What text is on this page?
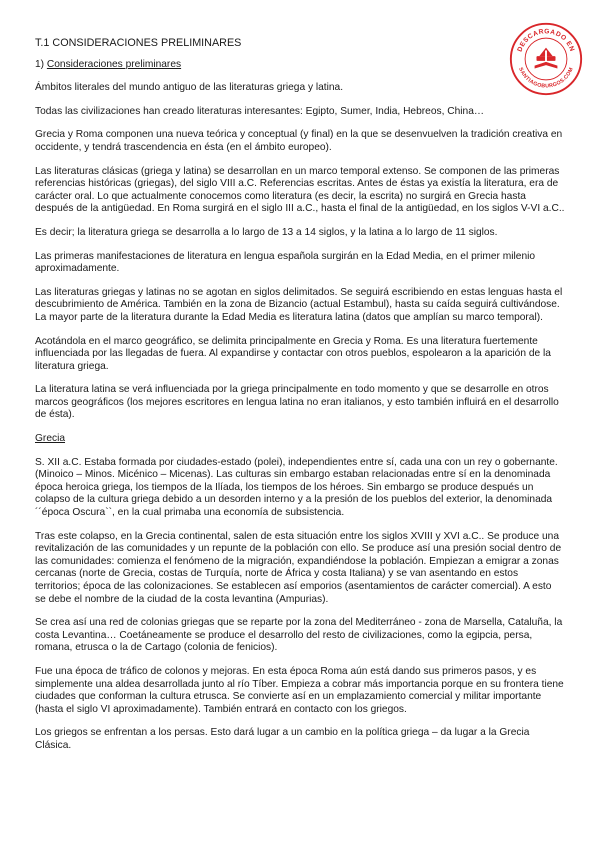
T.1 CONSIDERACIONES PRELIMINARES

1) Consideraciones preliminares

Ámbitos literales del mundo antiguo de las literaturas griega y latina.

Todas las civilizaciones han creado literaturas interesantes: Egipto, Sumer, India, Hebreos, China…

Grecia y Roma componen una nueva teórica y conceptual (y final) en la que se desenvuelven la tradición creativa en occidente, y tendrá trascendencia en ésta (en el ámbito europeo).

Las literaturas clásicas (griega y latina) se desarrollan en un marco temporal extenso. Se componen de las primeras referencias históricas (griegas), del siglo VIII a.C. Referencias escritas. Antes de éstas ya existía la literatura, era de carácter oral. Lo que actualmente conocemos como literatura (es decir, la escrita) no surgirá en Grecia hasta después de la antigüedad. En Roma surgirá en el siglo III a.C., hasta el final de la antigüedad, en los siglos V-VI a.C..

Es decir; la literatura griega se desarrolla a lo largo de 13 a 14 siglos, y la latina a lo largo de 11 siglos.

Las primeras manifestaciones de literatura en lengua española surgirán en la Edad Media, en el primer milenio aproximadamente.

Las literaturas griegas y latinas no se agotan en siglos delimitados. Se seguirá escribiendo en estas lenguas hasta el descubrimiento de América. También en la zona de Bizancio (actual Estambul), hasta su caída seguirá cultivándose. La mayor parte de la literatura durante la Edad Media es literatura latina (datos que amplían su marco temporal).

Acotándola en el marco geográfico, se delimita principalmente en Grecia y Roma. Es una literatura fuertemente influenciada por las llegadas de fuera. Al expandirse y contactar con otros pueblos, espolearon a la aparición de la literatura griega.

La literatura latina se verá influenciada por la griega principalmente en todo momento y que se desarrolle en otros marcos geográficos (los mejores escritores en lengua latina no eran italianos, y esto también influirá en el desarrollo de ésta).

Grecia

S. XII a.C. Estaba formada por ciudades-estado (polei), independientes entre sí, cada una con un rey o gobernante. (Minoico – Minos. Micénico – Micenas). Las culturas sin embargo estaban relacionadas entre sí en la denominada época heroica griega, los tiempos de la Ilíada, los tiempos de los héroes. Sin embargo se produce después un colapso de la cultura griega debido a un desorden interno y a la presión de los pueblos del exterior, la denominada ´´época Oscura``, en la cual primaba una economía de subsistencia.

Tras este colapso, en la Grecia continental, salen de esta situación entre los siglos XVIII y XVI a.C.. Se produce una revitalización de las comunidades y un repunte de la población con ello. Se produce así una presión social dentro de las comunidades: comienza el fenómeno de la migración, expandiéndose la población. Empiezan a emigrar a zonas cercanas (norte de Grecia, costas de Turquía, norte de África y costa Italiana) y se van asentando en estos territorios; época de las colonizaciones. Se establecen así emporios (asentamientos de carácter comercial). A esto se debe el nombre de la ciudad de la costa levantina (Ampurias).

Se crea así una red de colonias griegas que se reparte por la zona del Mediterráneo - zona de Marsella, Cataluña, la costa Levantina… Coetáneamente se produce el desarrollo del resto de civilizaciones, como la egipcia, persa, romana, etrusca o la de Cartago (colonia de fenicios).

Fue una época de tráfico de colonos y mejoras. En esta época Roma aún está dando sus primeros pasos, y es simplemente una aldea desarrollada junto al río Tíber. Empieza a cobrar más importancia porque en su frontera tiene ciudades que conforman la cultura etrusca. Se convierte así en un emplazamiento comercial y militar importante (hasta el siglo VI aproximadamente). También entrará en contacto con los griegos.

Los griegos se enfrentan a los persas. Esto dará lugar a un cambio en la política griega – da lugar a la Grecia Clásica.

DESCARGADO EN
SANTIAGOBURGOS.COM
